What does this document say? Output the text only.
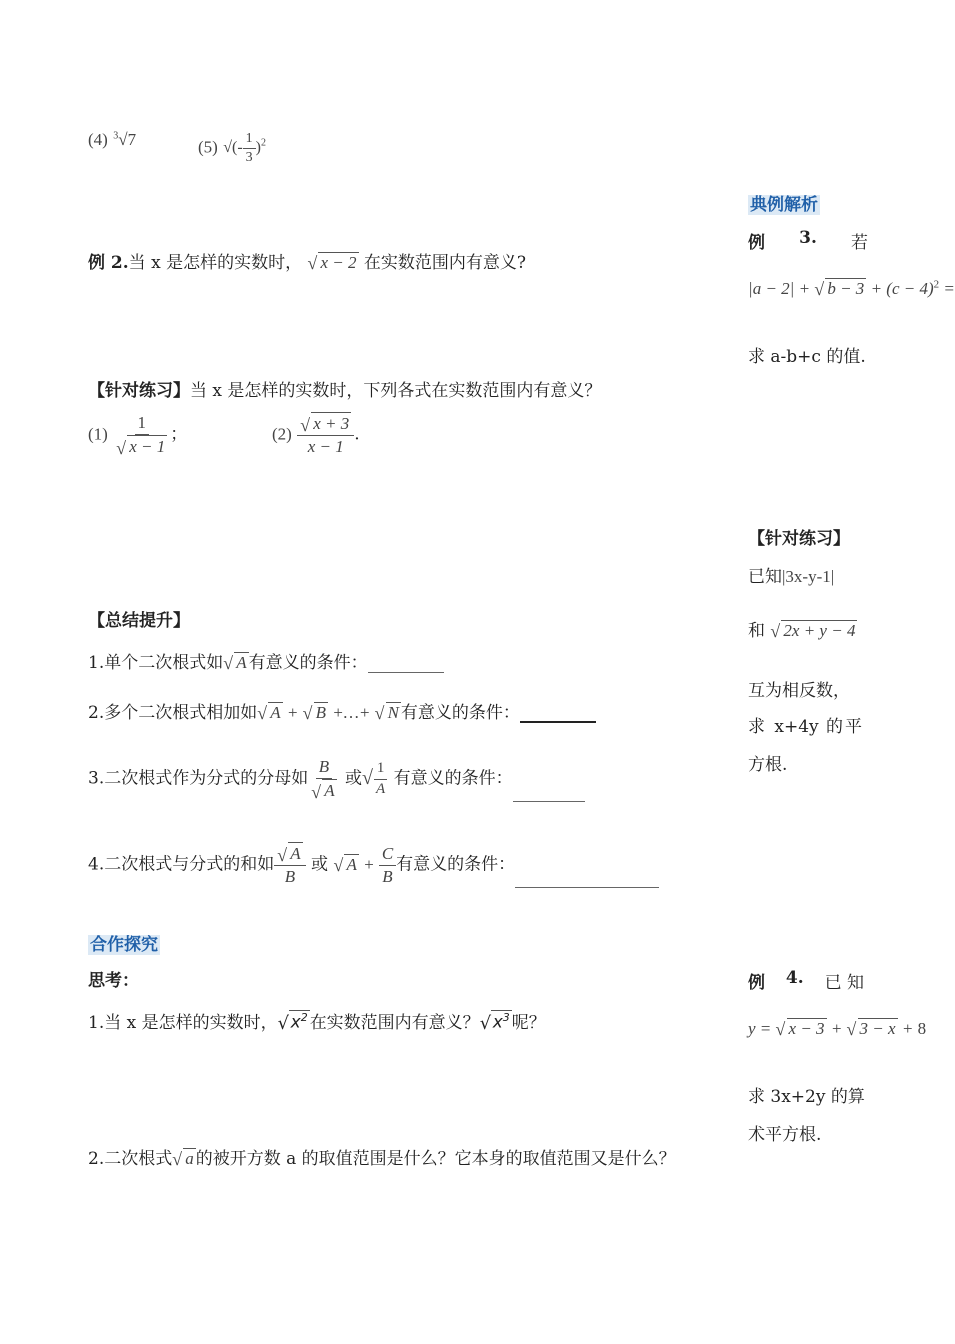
(4) $^3$√7	(5) √(- $\frac{1}{3} )^2$
例 2.当 x 是怎样的实数时， √ x − 2 在实数范围内有意义?
【针对练习】当 x 是怎样的实数时，下列各式在实数范围内有意义？
$(1) \frac{1}{√ x - 1}$ ；	$(2) \frac{√ x + 3}{x - 1}$ .
【总结提升】
1.单个二次根式如 √ A 有意义的条件：
2.多个二次根式相加如 √ A + √ B +…+ √ N 有意义的条件：
3.二次根式作为分式的分母如 $\frac{B}{√ A}$ 或√ $\frac{1}{A}$ 有意义的条件：
4.二次根式与分式的和如 $\frac{√ A}{B}$ 或 √ $A + \frac{C}{B}$ 有意义的条件：
合作探究
思考：
1.当 x 是怎样的实数时， √ $x^2$ 在实数范围内有意义？ √ $x^3$ 呢？
2.二次根式 √ a 的被开方数 a 的取值范围是什么？它本身的取值范围又是什么？
典例解析
例 3. 若
|a − 2| + √ $b - 3 + (c - 4)^2$ =
求 a-b+c 的值.
【针对练习】
已知|3x-y-1|
和 √ 2x + y − 4
互为相反数，
求 x+4y 的平
方根.
例 4. 已 知
y = √ x − 3 + √ 3 − x + 8
求 3x+2y 的算
术平方根.
